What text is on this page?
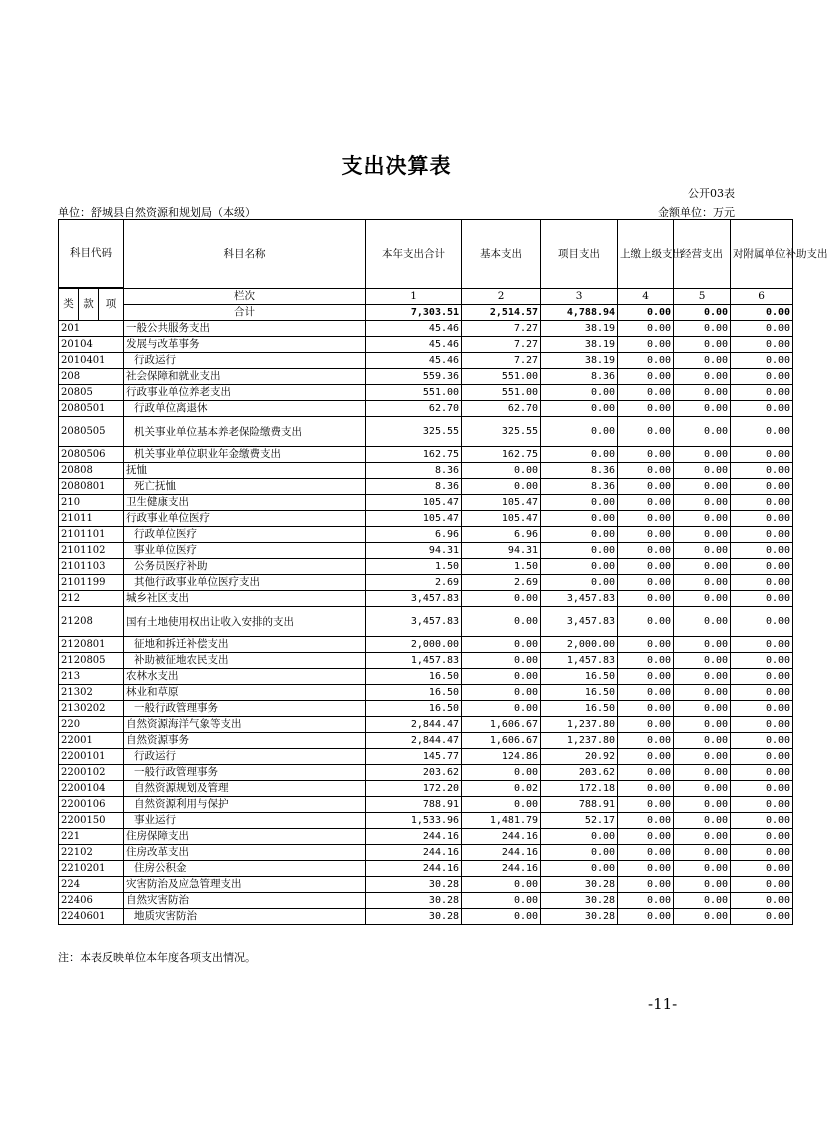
支出决算表
公开03表
单位：舒城县自然资源和规划局（本级）	金额单位：万元
科目代码			科目名称	本年支出合计	基本支出	项目支出	上缴上级支出	经营支出	对附属单位补助支出

类	款	项	栏次	1	2	3	4	5	6
			合计	7,303.51	2,514.57	4,788.94	0.00	0.00	0.00
201			一般公共服务支出	45.46	7.27	38.19	0.00	0.00	0.00
20104			发展与改革事务	45.46	7.27	38.19	0.00	0.00	0.00
2010401			行政运行	45.46	7.27	38.19	0.00	0.00	0.00
208			社会保障和就业支出	559.36	551.00	8.36	0.00	0.00	0.00
20805			行政事业单位养老支出	551.00	551.00	0.00	0.00	0.00	0.00
2080501			行政单位离退休	62.70	62.70	0.00	0.00	0.00	0.00
2080505			机关事业单位基本养老保险缴费支出	325.55	325.55	0.00	0.00	0.00	0.00
2080506			机关事业单位职业年金缴费支出	162.75	162.75	0.00	0.00	0.00	0.00
20808			抚恤	8.36	0.00	8.36	0.00	0.00	0.00
2080801			死亡抚恤	8.36	0.00	8.36	0.00	0.00	0.00
210			卫生健康支出	105.47	105.47	0.00	0.00	0.00	0.00
21011			行政事业单位医疗	105.47	105.47	0.00	0.00	0.00	0.00
2101101			行政单位医疗	6.96	6.96	0.00	0.00	0.00	0.00
2101102			事业单位医疗	94.31	94.31	0.00	0.00	0.00	0.00
2101103			公务员医疗补助	1.50	1.50	0.00	0.00	0.00	0.00
2101199			其他行政事业单位医疗支出	2.69	2.69	0.00	0.00	0.00	0.00
212			城乡社区支出	3,457.83	0.00	3,457.83	0.00	0.00	0.00
21208			国有土地使用权出让收入安排的支出	3,457.83	0.00	3,457.83	0.00	0.00	0.00
2120801			征地和拆迁补偿支出	2,000.00	0.00	2,000.00	0.00	0.00	0.00
2120805			补助被征地农民支出	1,457.83	0.00	1,457.83	0.00	0.00	0.00
213			农林水支出	16.50	0.00	16.50	0.00	0.00	0.00
21302			林业和草原	16.50	0.00	16.50	0.00	0.00	0.00
2130202			一般行政管理事务	16.50	0.00	16.50	0.00	0.00	0.00
220			自然资源海洋气象等支出	2,844.47	1,606.67	1,237.80	0.00	0.00	0.00
22001			自然资源事务	2,844.47	1,606.67	1,237.80	0.00	0.00	0.00
2200101			行政运行	145.77	124.86	20.92	0.00	0.00	0.00
2200102			一般行政管理事务	203.62	0.00	203.62	0.00	0.00	0.00
2200104			自然资源规划及管理	172.20	0.02	172.18	0.00	0.00	0.00
2200106			自然资源利用与保护	788.91	0.00	788.91	0.00	0.00	0.00
2200150			事业运行	1,533.96	1,481.79	52.17	0.00	0.00	0.00
221			住房保障支出	244.16	244.16	0.00	0.00	0.00	0.00
22102			住房改革支出	244.16	244.16	0.00	0.00	0.00	0.00
2210201			住房公积金	244.16	244.16	0.00	0.00	0.00	0.00
224			灾害防治及应急管理支出	30.28	0.00	30.28	0.00	0.00	0.00
22406			自然灾害防治	30.28	0.00	30.28	0.00	0.00	0.00
2240601			地质灾害防治	30.28	0.00	30.28	0.00	0.00	0.00
注：本表反映单位本年度各项支出情况。
-11-
